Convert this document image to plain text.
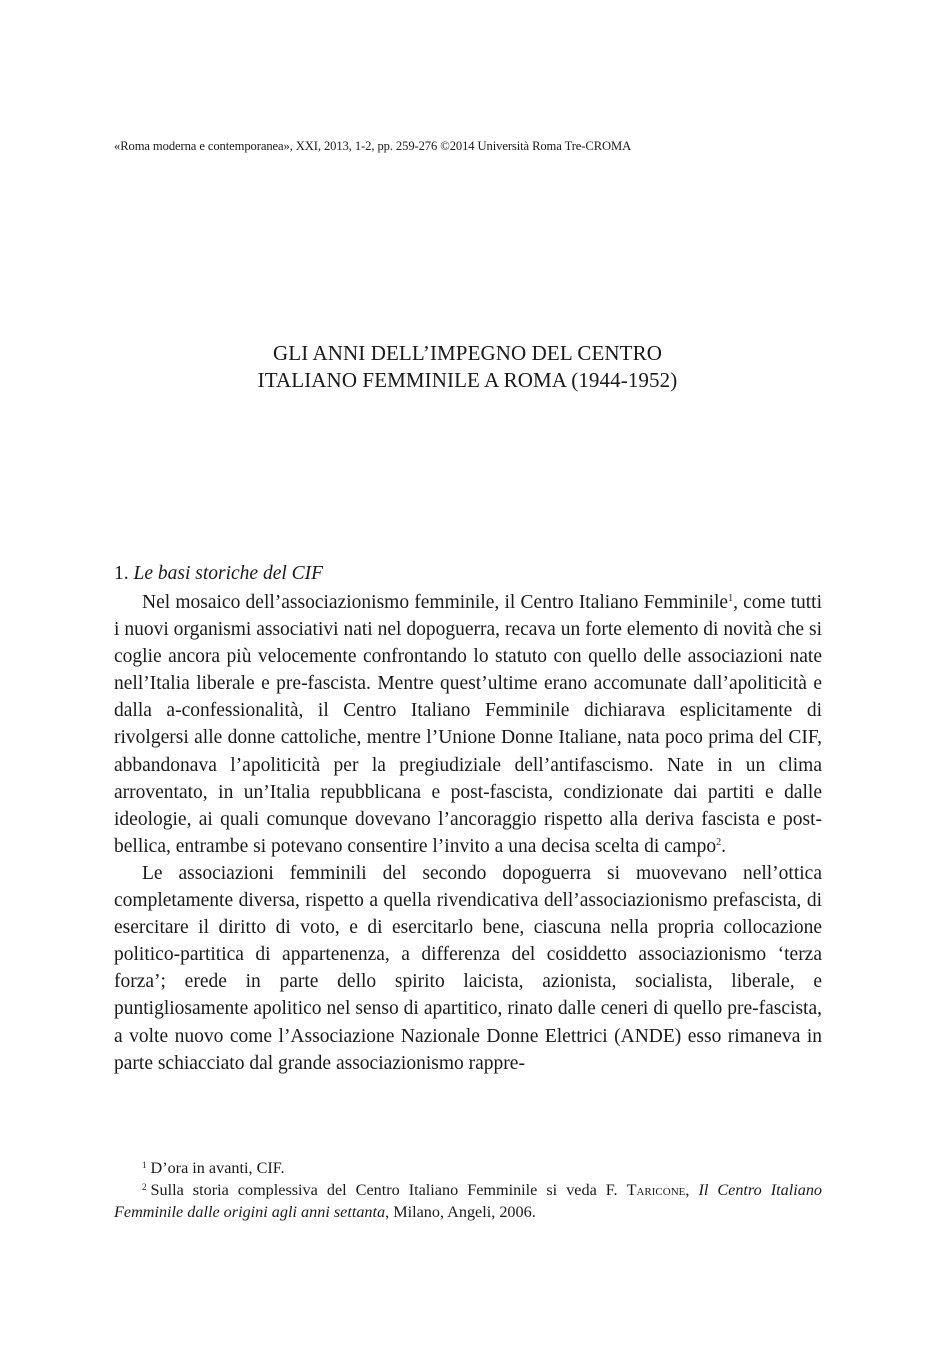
«Roma moderna e contemporanea», XXI, 2013, 1-2, pp. 259-276 ©2014 Università Roma Tre-CROMA
GLI ANNI DELL’IMPEGNO DEL CENTRO
ITALIANO FEMMINILE A ROMA (1944-1952)
1. Le basi storiche del CIF

Nel mosaico dell’associazionismo femminile, il Centro Italiano Femminile$^1$, come tutti i nuovi organismi associativi nati nel dopoguerra, recava un forte elemento di novità che si coglie ancora più velocemente confrontando lo statuto con quello delle associazioni nate nell’Italia liberale e pre-fascista. Mentre quest’ultime erano accomunate dall’apoliticità e dalla a-confessionalità, il Centro Italiano Femminile dichiarava esplicitamente di rivolgersi alle donne cattoliche, mentre l’Unione Donne Italiane, nata poco prima del CIF, abbandonava l’apoliticità per la pregiudiziale dell’antifascismo. Nate in un clima arroventato, in un’Italia repubblicana e post-fascista, condizionate dai partiti e dalle ideologie, ai quali comunque dovevano l’ancoraggio rispetto alla deriva fascista e post-bellica, entrambe si potevano consentire l’invito a una decisa scelta di campo$^2$.

Le associazioni femminili del secondo dopoguerra si muovevano nell’ottica completamente diversa, rispetto a quella rivendicativa dell’associazionismo prefascista, di esercitare il diritto di voto, e di esercitarlo bene, ciascuna nella propria collocazione politico-partitica di appartenenza, a differenza del cosiddetto associazionismo ‘terza forza’; erede in parte dello spirito laicista, azionista, socialista, liberale, e puntigliosamente apolitico nel senso di apartitico, rinato dalle ceneri di quello pre-fascista, a volte nuovo come l’Associazione Nazionale Donne Elettrici (ANDE) esso rimaneva in parte schiacciato dal grande associazionismo rappre-

$^1$ D’ora in avanti, CIF.

$^2$ Sulla storia complessiva del Centro Italiano Femminile si veda F. Taricone, Il Centro Italiano Femminile dalle origini agli anni settanta, Milano, Angeli, 2006.
